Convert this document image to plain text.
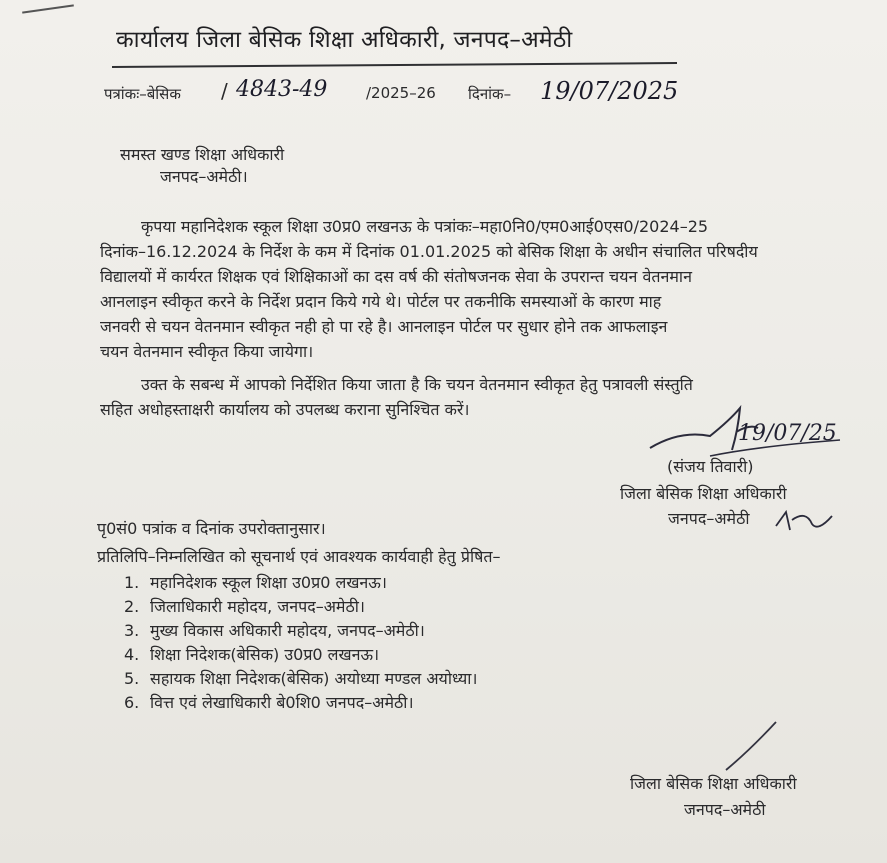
कार्यालय जिला बेसिक शिक्षा अधिकारी, जनपद–अमेठी
पत्रांकः–बेसिक / 4843-49	/2025–26 दिनांक– 19/07/2025
समस्त खण्ड शिक्षा अधिकारी
जनपद–अमेठी।
कृपया महानिदेशक स्कूल शिक्षा उ0प्र0 लखनऊ के पत्रांकः–महा0नि0/एम0आई0एस0/2024–25
दिनांक–16.12.2024 के निर्देश के कम में दिनांक 01.01.2025 को बेसिक शिक्षा के अधीन संचालित परिषदीय
विद्यालयों में कार्यरत शिक्षक एवं शिक्षिकाओं का दस वर्ष की संतोषजनक सेवा के उपरान्त चयन वेतनमान
आनलाइन स्वीकृत करने के निर्देश प्रदान किये गये थे। पोर्टल पर तकनीकि समस्याओं के कारण माह
जनवरी से चयन वेतनमान स्वीकृत नही हो पा रहे है। आनलाइन पोर्टल पर सुधार होने तक आफलाइन
चयन वेतनमान स्वीकृत किया जायेगा।
उक्त के सबन्ध में आपको निर्देशित किया जाता है कि चयन वेतनमान स्वीकृत हेतु पत्रावली संस्तुति
सहित अधोहस्ताक्षरी कार्यालय को उपलब्ध कराना सुनिश्चित करें।
19/07/25
(संजय तिवारी)
जिला बेसिक शिक्षा अधिकारी
जनपद–अमेठी
पृ0सं0 पत्रांक व दिनांक उपरोक्तानुसार।
प्रतिलिपि–निम्नलिखित को सूचनार्थ एवं आवश्यक कार्यवाही हेतु प्रेषित–
1. महानिदेशक स्कूल शिक्षा उ0प्र0 लखनऊ।
2. जिलाधिकारी महोदय, जनपद–अमेठी।
3. मुख्य विकास अधिकारी महोदय, जनपद–अमेठी।
4. शिक्षा निदेशक(बेसिक) उ0प्र0 लखनऊ।
5. सहायक शिक्षा निदेशक(बेसिक) अयोध्या मण्डल अयोध्या।
6. वित्त एवं लेखाधिकारी बे0शि0 जनपद–अमेठी।
जिला बेसिक शिक्षा अधिकारी
जनपद–अमेठी
